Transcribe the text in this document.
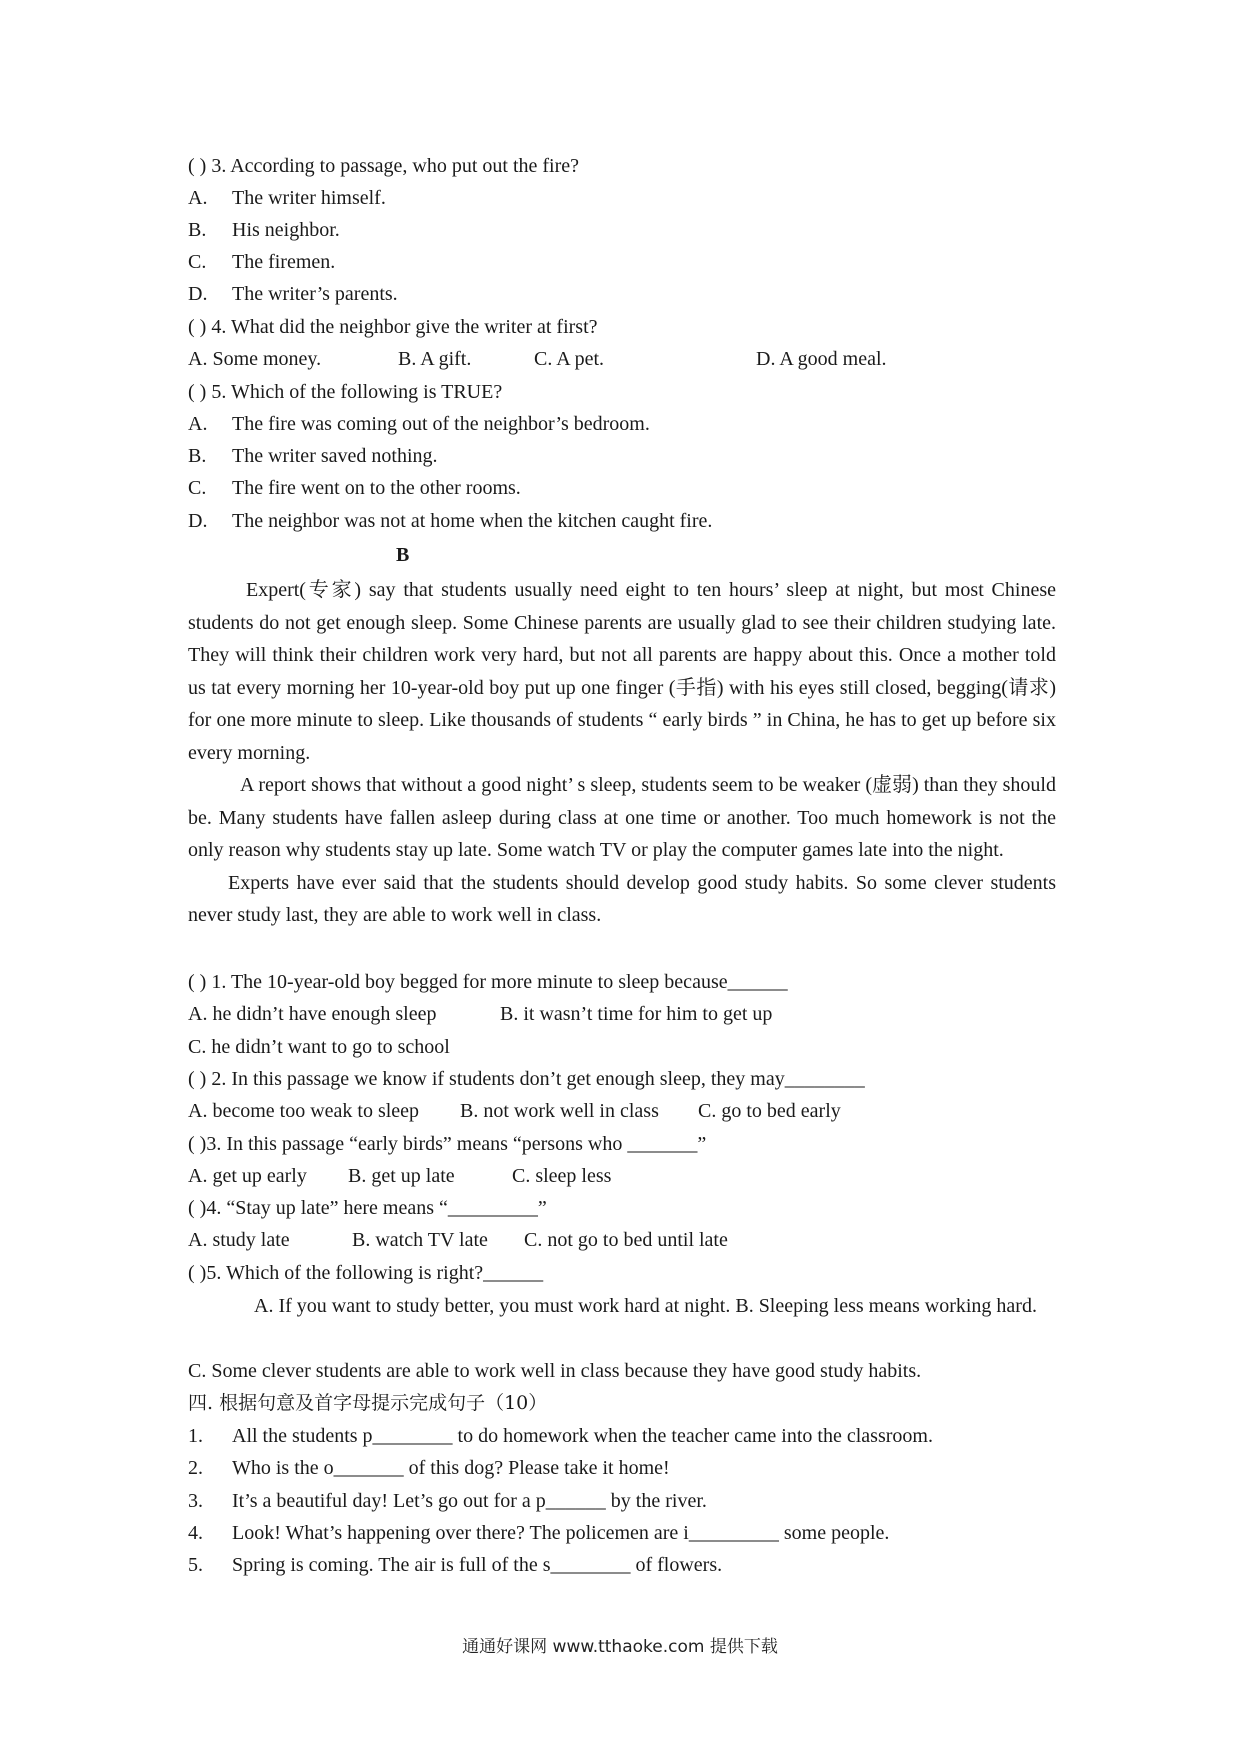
( ) 3. According to passage, who put out the fire?
A. The writer himself.
B. His neighbor.
C. The firemen.
D. The writer’s parents.
( ) 4. What did the neighbor give the writer at first?
A. Some money.	B. A gift.	C. A pet.	D. A good meal.
( ) 5. Which of the following is TRUE?
A. The fire was coming out of the neighbor’s bedroom.
B. The writer saved nothing.
C. The fire went on to the other rooms.
D. The neighbor was not at home when the kitchen caught fire.
B

Expert(专家) say that students usually need eight to ten hours’ sleep at night, but most Chinese students do not get enough sleep. Some Chinese parents are usually glad to see their children studying late. They will think their children work very hard, but not all parents are happy about this. Once a mother told us tat every morning her 10-year-old boy put up one finger (手指) with his eyes still closed, begging(请求) for one more minute to sleep. Like thousands of students “ early birds ” in China, he has to get up before six every morning.

A report shows that without a good night’ s sleep, students seem to be weaker (虚弱) than they should be. Many students have fallen asleep during class at one time or another. Too much homework is not the only reason why students stay up late. Some watch TV or play the computer games late into the night.

Experts have ever said that the students should develop good study habits. So some clever students never study last, they are able to work well in class.

( ) 1. The 10-year-old boy begged for more minute to sleep because______
A. he didn’t have enough sleep	B. it wasn’t time for him to get up
C. he didn’t want to go to school
( ) 2. In this passage we know if students don’t get enough sleep, they may________
A. become too weak to sleep B. not work well in class C. go to bed early
( )3. In this passage “early birds” means “persons who _______”
A. get up early B. get up late	C. sleep less
( )4. “Stay up late” here means “_________”
A. study late	B. watch TV late C. not go to bed until late
( )5. Which of the following is right?______

A. If you want to study better, you must work hard at night. B. Sleeping less means working hard.

C. Some clever students are able to work well in class because they have good study habits.
四. 根据句意及首字母提示完成句子（10）
1. All the students p________ to do homework when the teacher came into the classroom.
2. Who is the o_______ of this dog? Please take it home!
3. It’s a beautiful day! Let’s go out for a p______ by the river.
4. Look! What’s happening over there? The policemen are i_________ some people.
5. Spring is coming. The air is full of the s________ of flowers.
通通好课网 www.tthaoke.com 提供下载
